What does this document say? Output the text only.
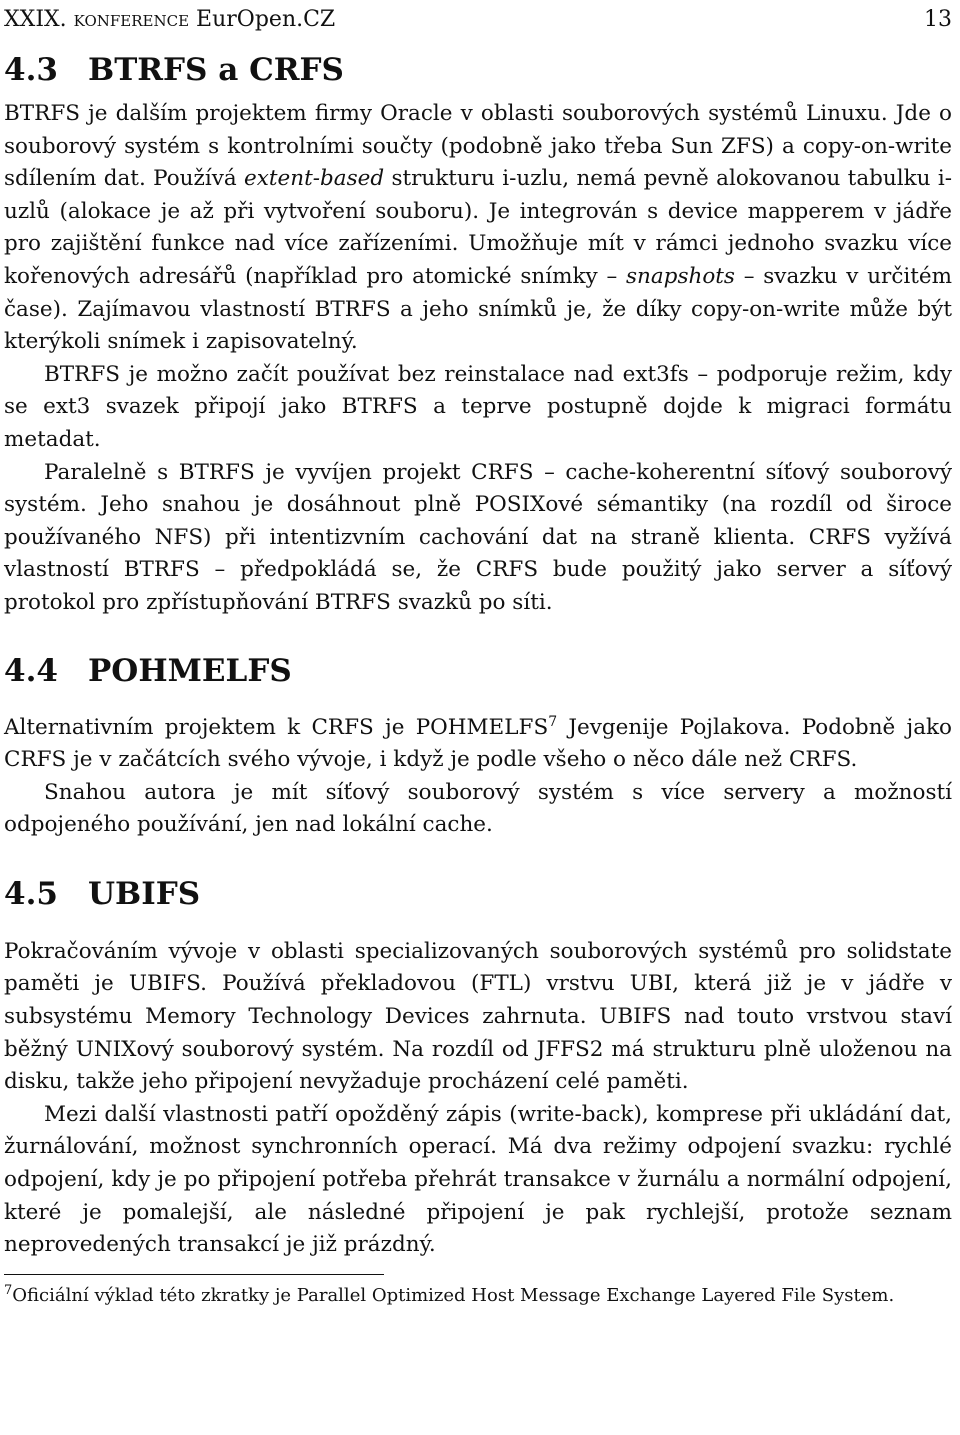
XXIX. konference EurOpen.CZ	13
4.3 BTRFS a CRFS

BTRFS je dalším projektem firmy Oracle v oblasti souborových systémů Linuxu. Jde o souborový systém s kontrolními součty (podobně jako třeba Sun ZFS) a copy-on-write sdílením dat. Používá extent-based strukturu i-uzlu, nemá pevně alokovanou tabulku i-uzlů (alokace je až při vytvoření souboru). Je integrován s device mapperem v jádře pro zajištění funkce nad více zařízeními. Umožňuje mít v rámci jednoho svazku více kořenových adresářů (například pro atomické snímky – snapshots – svazku v určitém čase). Zajímavou vlastností BTRFS a jeho snímků je, že díky copy-on-write může být kterýkoli snímek i zapisovatelný.

BTRFS je možno začít používat bez reinstalace nad ext3fs – podporuje režim, kdy se ext3 svazek připojí jako BTRFS a teprve postupně dojde k migraci formátu metadat.

Paralelně s BTRFS je vyvíjen projekt CRFS – cache-koherentní síťový souborový systém. Jeho snahou je dosáhnout plně POSIXové sémantiky (na rozdíl od široce používaného NFS) při intentizvním cachování dat na straně klienta. CRFS vyžívá vlastností BTRFS – předpokládá se, že CRFS bude použitý jako server a síťový protokol pro zpřístupňování BTRFS svazků po síti.

4.4 POHMELFS

Alternativním projektem k CRFS je POHMELFS$^7$ Jevgenije Pojlakova. Podobně jako CRFS je v začátcích svého vývoje, i když je podle všeho o něco dále než CRFS.

Snahou autora je mít síťový souborový systém s více servery a možností odpojeného používání, jen nad lokální cache.

4.5 UBIFS

Pokračováním vývoje v oblasti specializovaných souborových systémů pro solidstate paměti je UBIFS. Používá překladovou (FTL) vrstvu UBI, která již je v jádře v subsystému Memory Technology Devices zahrnuta. UBIFS nad touto vrstvou staví běžný UNIXový souborový systém. Na rozdíl od JFFS2 má strukturu plně uloženou na disku, takže jeho připojení nevyžaduje procházení celé paměti.

Mezi další vlastnosti patří opožděný zápis (write-back), komprese při ukládání dat, žurnálování, možnost synchronních operací. Má dva režimy odpojení svazku: rychlé odpojení, kdy je po připojení potřeba přehrát transakce v žurnálu a normální odpojení, které je pomalejší, ale následné připojení je pak rychlejší, protože seznam neprovedených transakcí je již prázdný.

$^7$Oficiální výklad této zkratky je Parallel Optimized Host Message Exchange Layered File System.
